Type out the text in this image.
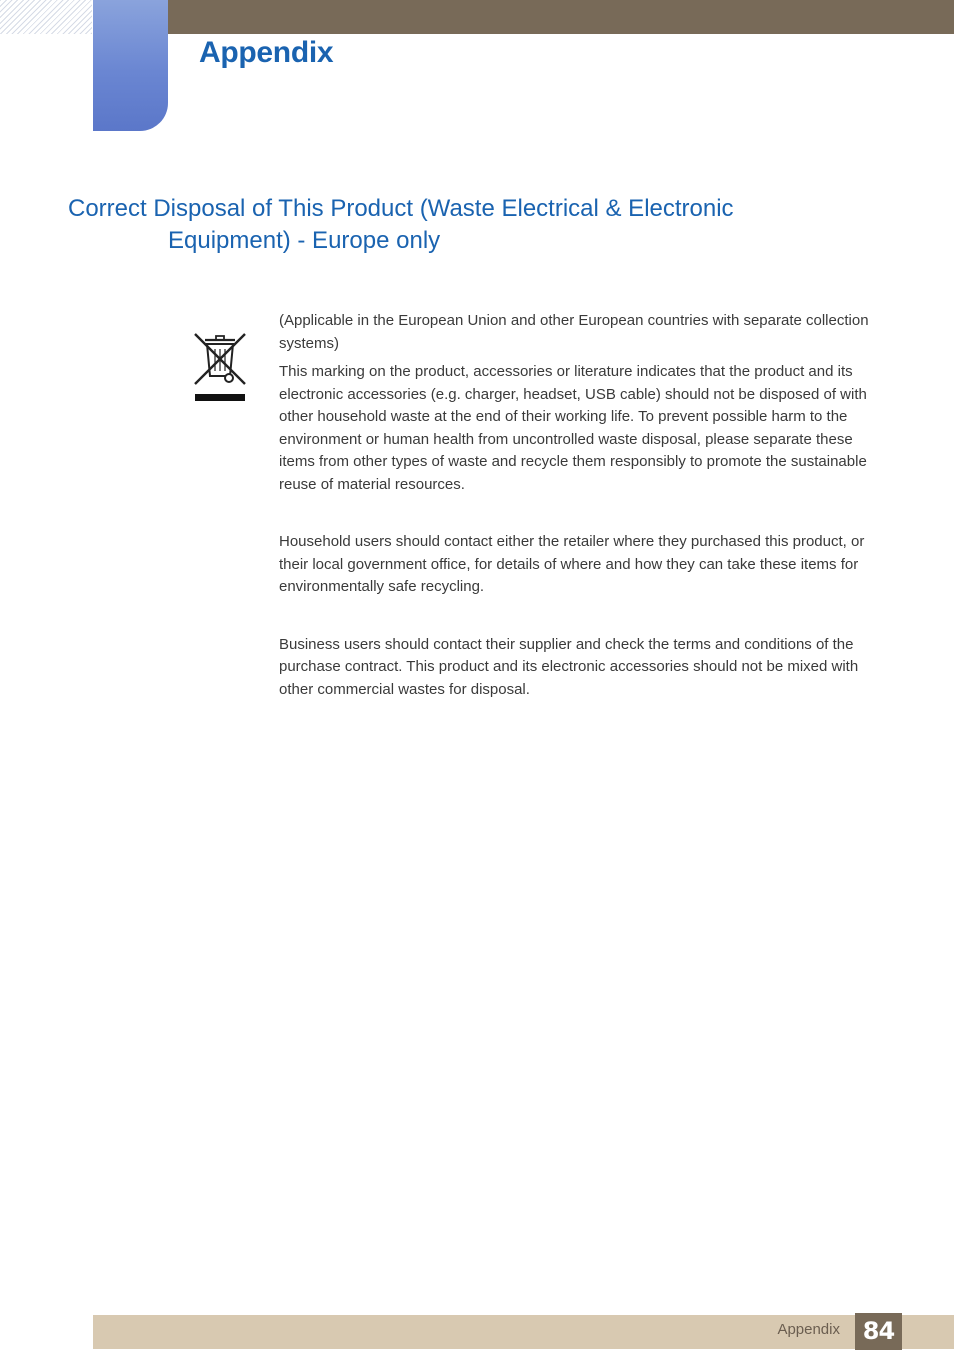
Appendix
Correct Disposal of This Product (Waste Electrical & Electronic
Equipment) - Europe only

(Applicable in the European Union and other European countries with separate collection systems)

This marking on the product, accessories or literature indicates that the product and its electronic accessories (e.g. charger, headset, USB cable) should not be disposed of with other household waste at the end of their working life. To prevent possible harm to the environment or human health from uncontrolled waste disposal, please separate these items from other types of waste and recycle them responsibly to promote the sustainable reuse of material resources.

Household users should contact either the retailer where they purchased this product, or their local government office, for details of where and how they can take these items for environmentally safe recycling.

Business users should contact their supplier and check the terms and conditions of the purchase contract. This product and its electronic accessories should not be mixed with other commercial wastes for disposal.

Appendix 84
